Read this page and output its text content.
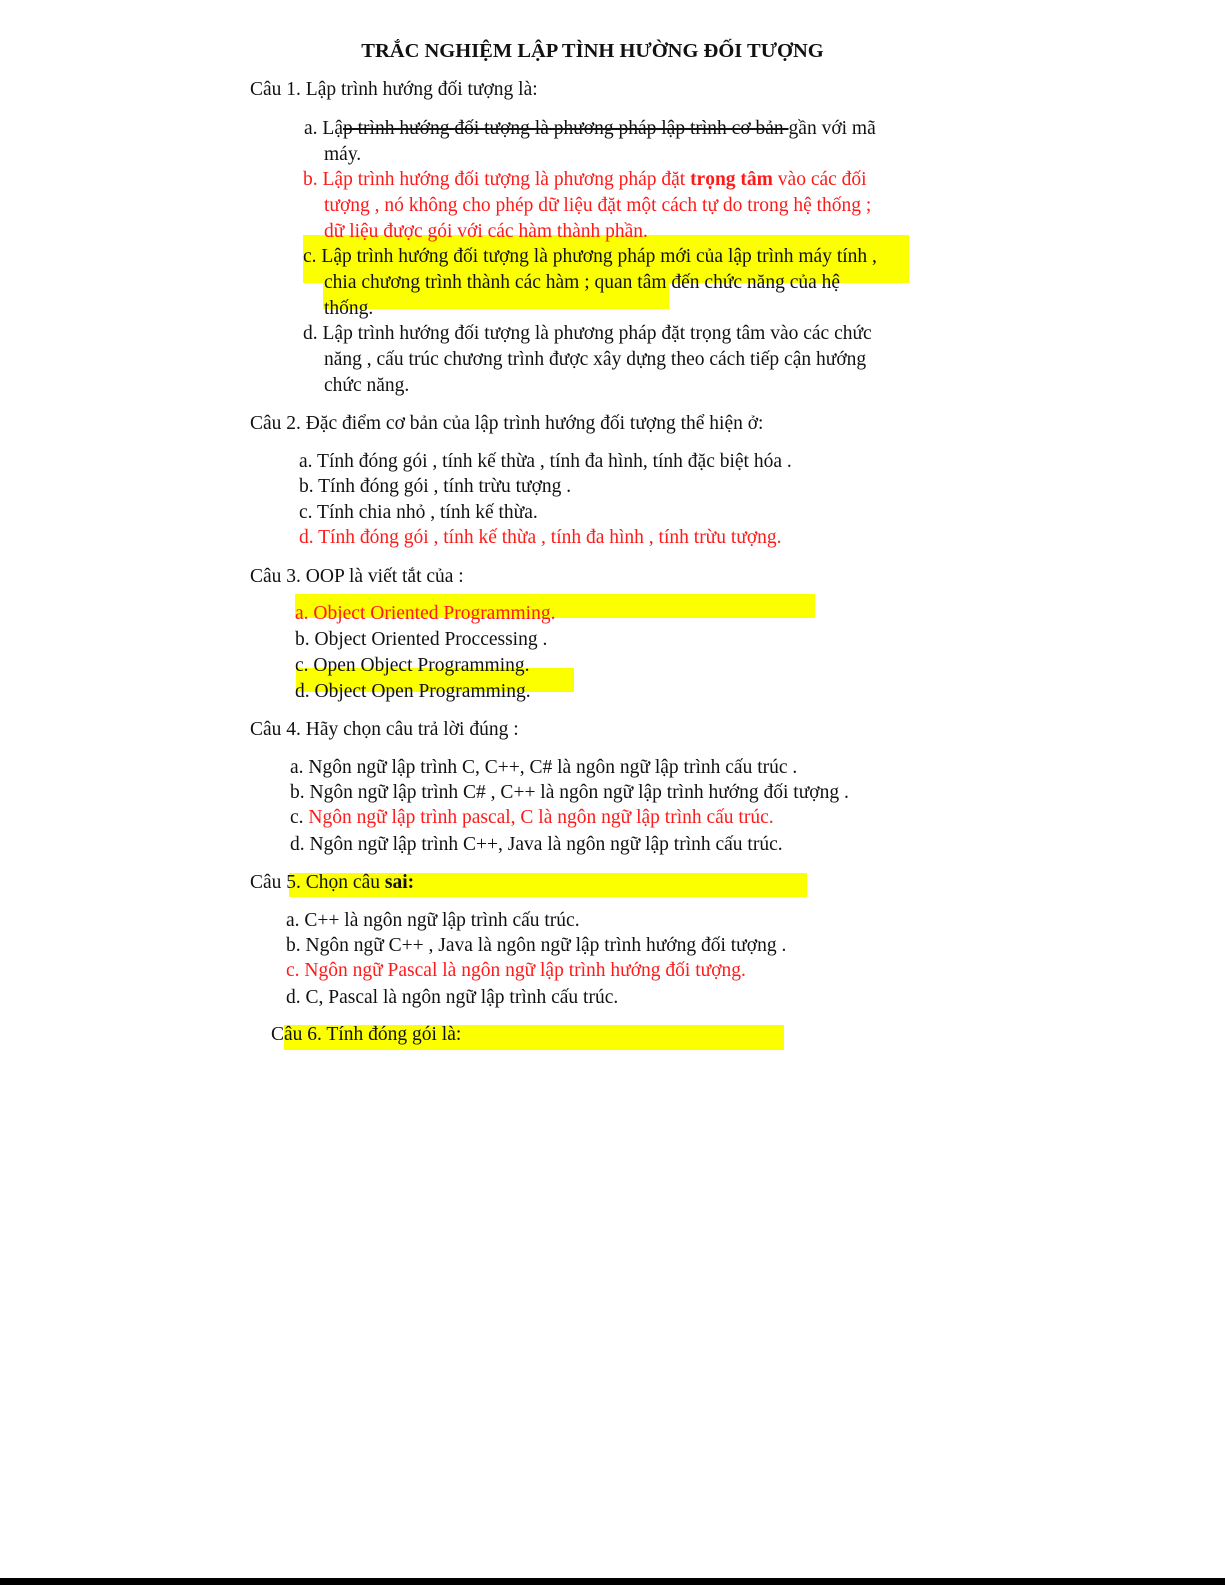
TRẮC NGHIỆM LẬP TÌNH HƯỜNG ĐỐI TƯỢNG
Câu 1. Lập trình hướng đối tượng là:
a. Lập trình hướng đối tượng là phương pháp lập trình cơ bản gần với mã
máy.
b. Lập trình hướng đối tượng là phương pháp đặt trọng tâm vào các đối
tượng , nó không cho phép dữ liệu đặt một cách tự do trong hệ thống ;
dữ liệu được gói với các hàm thành phần.
c. Lập trình hướng đối tượng là phương pháp mới của lập trình máy tính ,
chia chương trình thành các hàm ; quan tâm đến chức năng của hệ
thống.
d. Lập trình hướng đối tượng là phương pháp đặt trọng tâm vào các chức
năng , cấu trúc chương trình được xây dựng theo cách tiếp cận hướng
chức năng.
Câu 2. Đặc điểm cơ bản của lập trình hướng đối tượng thể hiện ở:
a. Tính đóng gói , tính kế thừa , tính đa hình, tính đặc biệt hóa .
b. Tính đóng gói , tính trừu tượng .
c. Tính chia nhỏ , tính kế thừa.
d. Tính đóng gói , tính kế thừa , tính đa hình , tính trừu tượng.
Câu 3. OOP là viết tắt của :
a. Object Oriented Programming.
b. Object Oriented Proccessing .
c. Open Object Programming.
d. Object Open Programming.
Câu 4. Hãy chọn câu trả lời đúng :
a. Ngôn ngữ lập trình C, C++, C# là ngôn ngữ lập trình cấu trúc .
b. Ngôn ngữ lập trình C# , C++ là ngôn ngữ lập trình hướng đối tượng .
c. Ngôn ngữ lập trình pascal, C là ngôn ngữ lập trình cấu trúc.
d. Ngôn ngữ lập trình C++, Java là ngôn ngữ lập trình cấu trúc.
Câu 5. Chọn câu sai:
a. C++ là ngôn ngữ lập trình cấu trúc.
b. Ngôn ngữ C++ , Java là ngôn ngữ lập trình hướng đối tượng .
c. Ngôn ngữ Pascal là ngôn ngữ lập trình hướng đối tượng.
d. C, Pascal là ngôn ngữ lập trình cấu trúc.
Câu 6. Tính đóng gói là:
